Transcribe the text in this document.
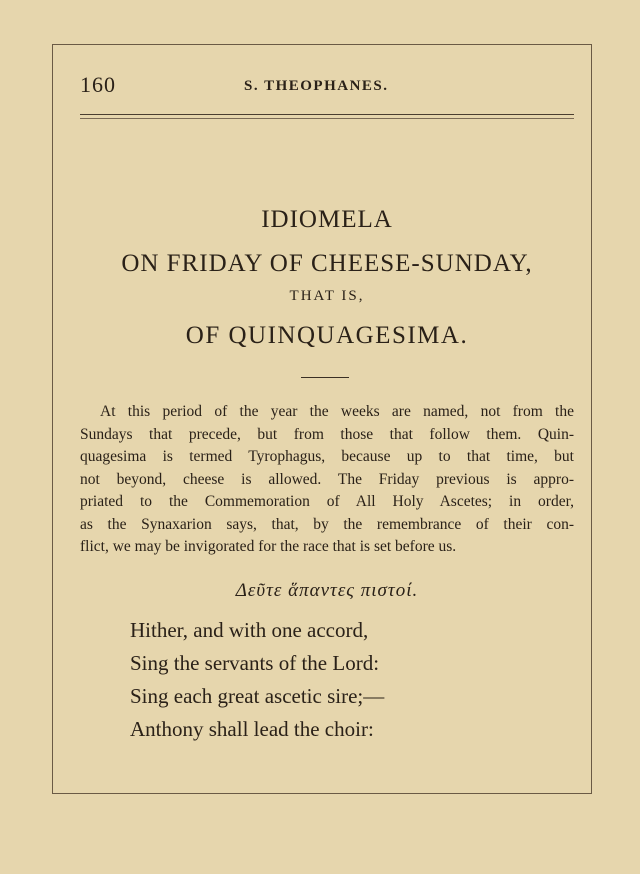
160	S. THEOPHANES.
IDIOMELA
ON FRIDAY OF CHEESE-SUNDAY,
THAT IS,
OF QUINQUAGESIMA.
At this period of the year the weeks are named, not from the
Sundays that precede, but from those that follow them. Quin-
quagesima is termed Tyrophagus, because up to that time, but
not beyond, cheese is allowed. The Friday previous is appro-
priated to the Commemoration of All Holy Ascetes; in order,
as the Synaxarion says, that, by the remembrance of their con-
flict, we may be invigorated for the race that is set before us.
Δεῦτε ἅπαντες πιστοί.
Hither, and with one accord,
Sing the servants of the Lord:
Sing each great ascetic sire;—
Anthony shall lead the choir:
